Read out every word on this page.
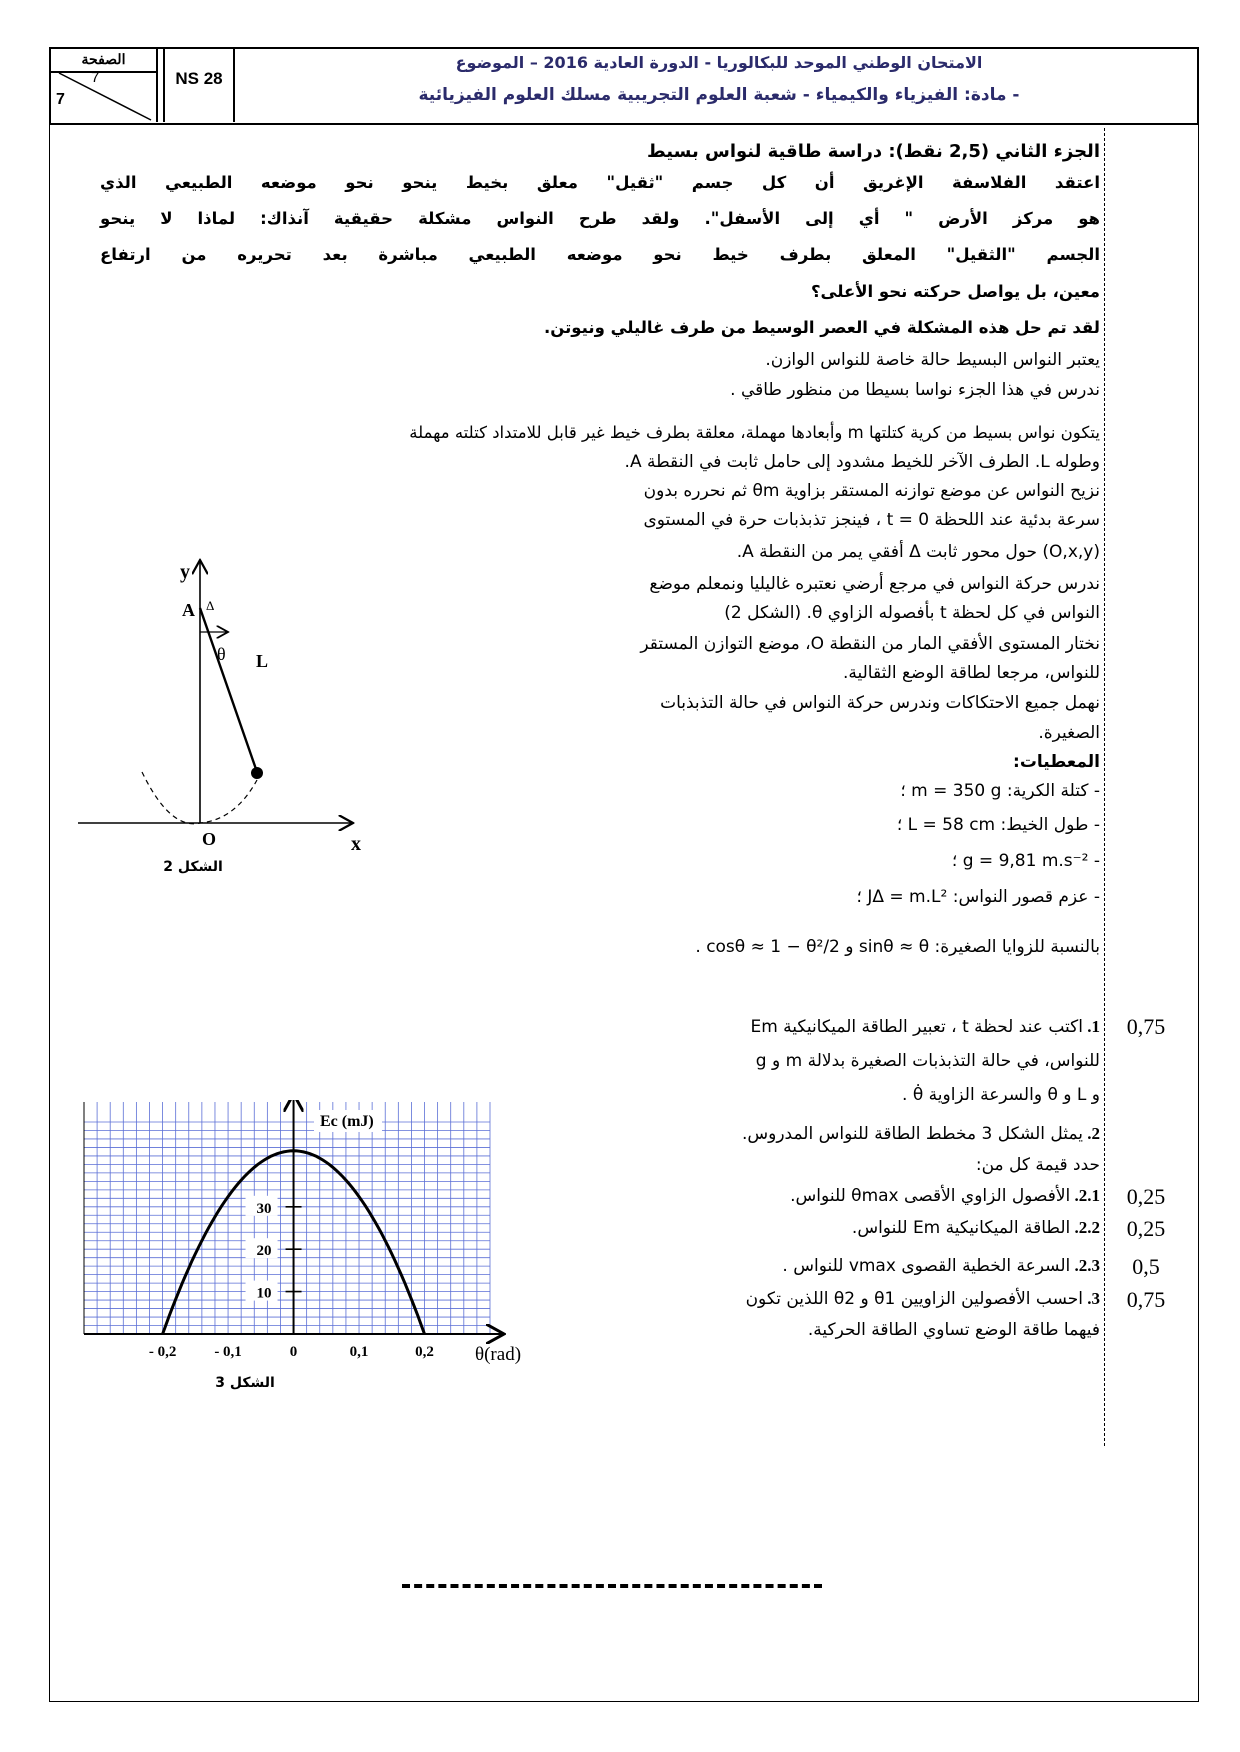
الصفحة
7
7
NS 28
الامتحان الوطني الموحد للبكالوريا - الدورة العادية 2016 – الموضوع
- مادة: الفيزياء والكيمياء - شعبة العلوم التجريبية مسلك العلوم الفيزيائية
الجزء الثاني (2,5 نقط): دراسة طاقية لنواس بسيط
اعتقد الفلاسفة الإغريق أن كل جسم "ثقيل" معلق بخيط ينحو نحو موضعه الطبيعي الذي
هو مركز الأرض " أي إلى الأسفل". ولقد طرح النواس مشكلة حقيقية آنذاك: لماذا لا ينحو
الجسم "الثقيل" المعلق بطرف خيط نحو موضعه الطبيعي مباشرة بعد تحريره من ارتفاع
معين، بل يواصل حركته نحو الأعلى؟
لقد تم حل هذه المشكلة في العصر الوسيط من طرف غاليلي ونيوتن.
يعتبر النواس البسيط حالة خاصة للنواس الوازن.
ندرس في هذا الجزء نواسا بسيطا من منظور طاقي .
يتكون نواس بسيط من كرية كتلتها m وأبعادها مهملة، معلقة بطرف خيط غير قابل للامتداد كتلته مهملة
وطوله L. الطرف الآخر للخيط مشدود إلى حامل ثابت في النقطة A.
نزيح النواس عن موضع توازنه المستقر بزاوية θm ثم نحرره بدون
سرعة بدئية عند اللحظة t = 0 ، فينجز تذبذبات حرة في المستوى
(O,x,y) حول محور ثابت Δ أفقي يمر من النقطة A.
ندرس حركة النواس في مرجع أرضي نعتبره غاليليا ونمعلم موضع
النواس في كل لحظة t بأفصوله الزاوي θ. (الشكل 2)
نختار المستوى الأفقي المار من النقطة O، موضع التوازن المستقر
للنواس، مرجعا لطاقة الوضع الثقالية.
نهمل جميع الاحتكاكات وندرس حركة النواس في حالة التذبذبات
الصغيرة.
المعطيات:
- كتلة الكرية: m = 350 g ؛
- طول الخيط: L = 58 cm ؛
- g = 9,81 m.s⁻² ؛
- عزم قصور النواس: JΔ = m.L² ؛
بالنسبة للزوايا الصغيرة: sinθ ≈ θ و cosθ ≈ 1 − θ²/2 .
y
A Δ
θ L
O	x
الشكل 2
- 0,2	- 0,1	0	0,1	0,2
10
20
30
Ec (mJ)
θ(rad)
الشكل 3
1. اكتب عند لحظة t ، تعبير الطاقة الميكانيكية Em
للنواس، في حالة التذبذبات الصغيرة بدلالة m و g
و L و θ والسرعة الزاوية θ̇ .
0,75
2. يمثل الشكل 3 مخطط الطاقة للنواس المدروس.
حدد قيمة كل من:
2.1. الأفصول الزاوي الأقصى θmax للنواس.	0,25
2.2. الطاقة الميكانيكية Em للنواس.	0,25
2.3. السرعة الخطية القصوى vmax للنواس .	0,5
3. احسب الأفصولين الزاويين θ1 و θ2 اللذين تكون
فيهما طاقة الوضع تساوي الطاقة الحركية.
0,75
